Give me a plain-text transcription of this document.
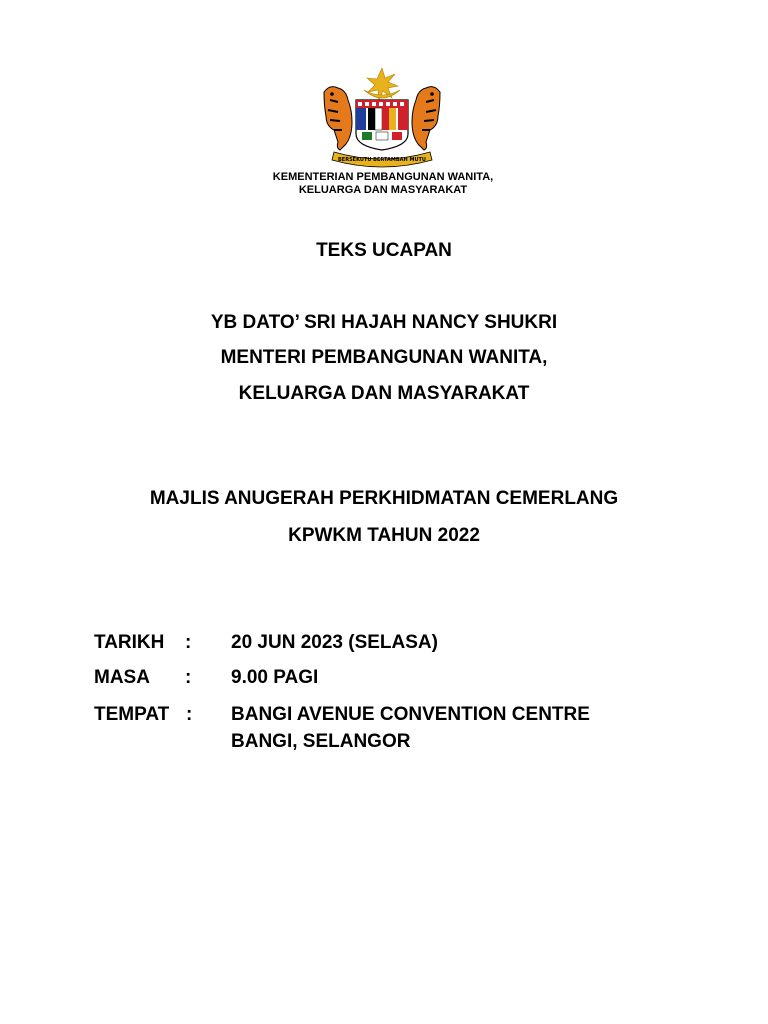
BERSEKUTU BERTAMBAH MUTU
KEMENTERIAN PEMBANGUNAN WANITA,
KELUARGA DAN MASYARAKAT
TEKS UCAPAN
YB DATO’ SRI HAJAH NANCY SHUKRI
MENTERI PEMBANGUNAN WANITA,
KELUARGA DAN MASYARAKAT
MAJLIS ANUGERAH PERKHIDMATAN CEMERLANG
KPWKM TAHUN 2022
TARIKH : 20 JUN 2023 (SELASA)
MASA : 9.00 PAGI
TEMPAT : BANGI AVENUE CONVENTION CENTRE
BANGI, SELANGOR
